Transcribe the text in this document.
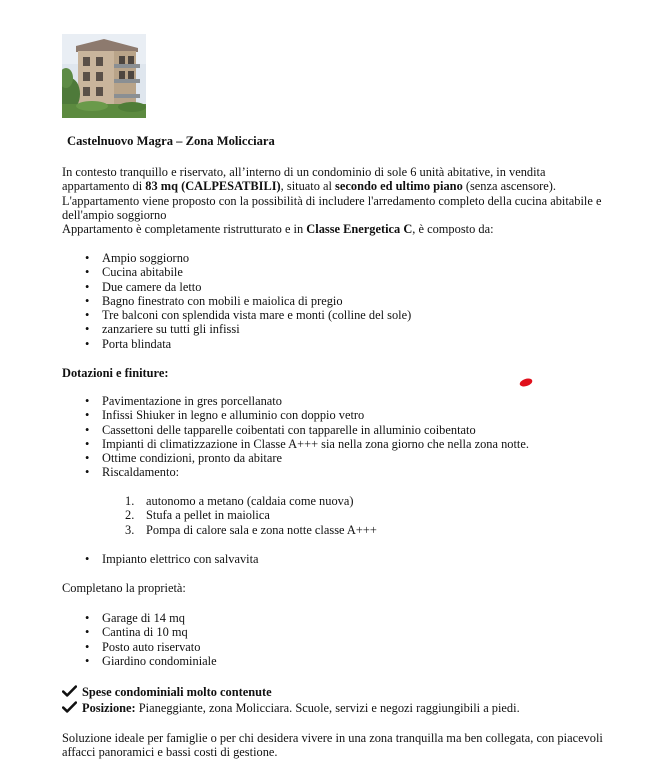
Castelnuovo Magra – Zona Molicciara

In contesto tranquillo e riservato, all’interno di un condominio di sole 6 unità abitative, in vendita appartamento di 83 mq (CALPESATBILI), situato al secondo ed ultimo piano (senza ascensore). L'appartamento viene proposto con la possibilità di includere l'arredamento completo della cucina abitabile e dell'ampio soggiorno

Appartamento è completamente ristrutturato e in Classe Energetica C, è composto da:

• Ampio soggiorno
• Cucina abitabile
• Due camere da letto
• Bagno finestrato con mobili e maiolica di pregio
• Tre balconi con splendida vista mare e monti (colline del sole)
• zanzariere su tutti gli infissi
• Porta blindata
Dotazioni e finiture:
• Pavimentazione in gres porcellanato
• Infissi Shiuker in legno e alluminio con doppio vetro
• Cassettoni delle tapparelle coibentati con tapparelle in alluminio coibentato
• Impianti di climatizzazione in Classe A+++ sia nella zona giorno che nella zona notte.
• Ottime condizioni, pronto da abitare
• Riscaldamento:
1. autonomo a metano (caldaia come nuova)
2. Stufa a pellet in maiolica
3. Pompa di calore sala e zona notte classe A+++
• Impianto elettrico con salvavita

Completano la proprietà:

• Garage di 14 mq
• Cantina di 10 mq
• Posto auto riservato
• Giardino condominiale
Spese condominiali molto contenute
Posizione: Pianeggiante, zona Molicciara. Scuole, servizi e negozi raggiungibili a piedi.

Soluzione ideale per famiglie o per chi desidera vivere in una zona tranquilla ma ben collegata, con piacevoli affacci panoramici e bassi costi di gestione.
